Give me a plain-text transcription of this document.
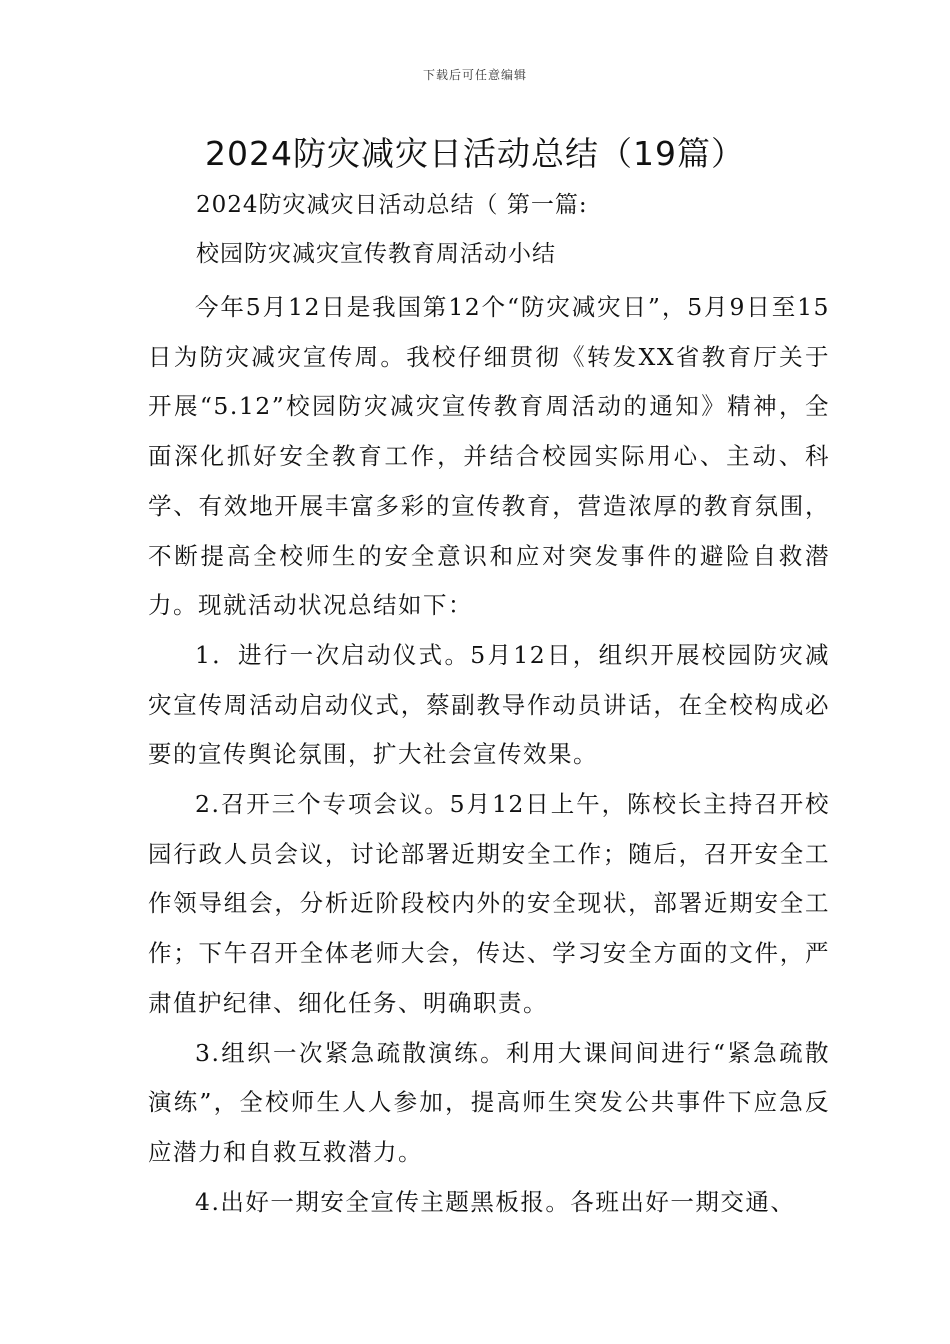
下载后可任意编辑
2024防灾减灾日活动总结（19篇）

2024防灾减灾日活动总结（ 第一篇:

校园防灾减灾宣传教育周活动小结

今年5月12日是我国第12个“防灾减灾日”，5月9日至15日为防灾减灾宣传周。我校仔细贯彻《转发XX省教育厅关于开展“5.12”校园防灾减灾宣传教育周活动的通知》精神，全面深化抓好安全教育工作，并结合校园实际用心、主动、科学、有效地开展丰富多彩的宣传教育，营造浓厚的教育氛围，不断提高全校师生的安全意识和应对突发事件的避险自救潜力。现就活动状况总结如下：

1．进行一次启动仪式。5月12日，组织开展校园防灾减灾宣传周活动启动仪式，蔡副教导作动员讲话，在全校构成必要的宣传舆论氛围，扩大社会宣传效果。

2.召开三个专项会议。5月12日上午，陈校长主持召开校园行政人员会议，讨论部署近期安全工作；随后，召开安全工作领导组会，分析近阶段校内外的安全现状，部署近期安全工作；下午召开全体老师大会，传达、学习安全方面的文件，严肃值护纪律、细化任务、明确职责。

3.组织一次紧急疏散演练。利用大课间间进行“紧急疏散演练”，全校师生人人参加，提高师生突发公共事件下应急反应潜力和自救互救潜力。

4.出好一期安全宣传主题黑板报。各班出好一期交通、
